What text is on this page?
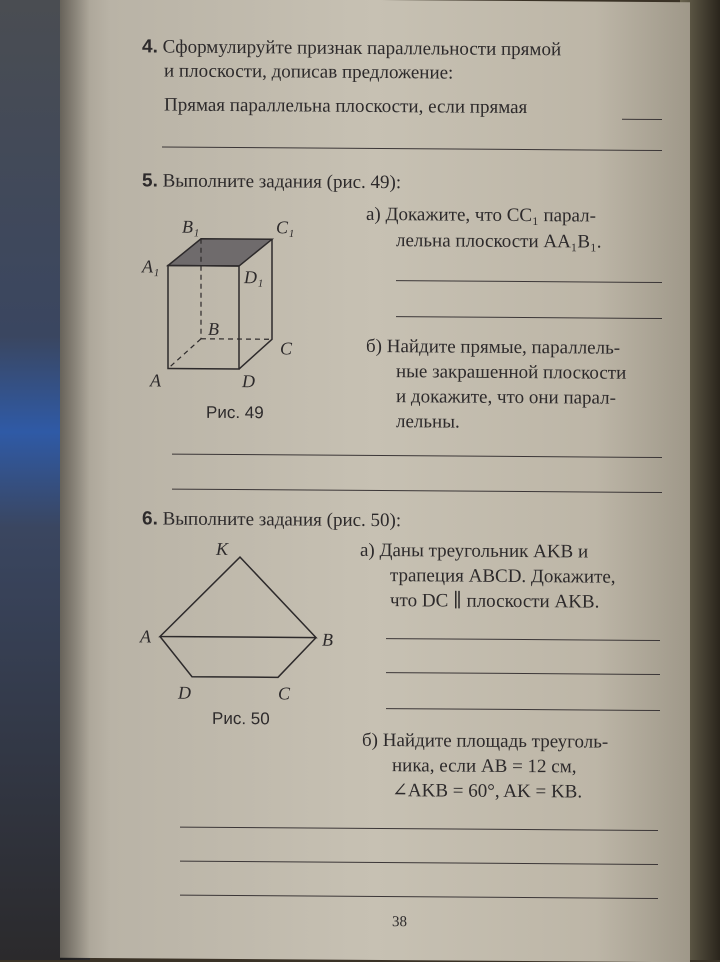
4. Сформулируйте признак параллельности прямой
и плоскости, дописав предложение:
Прямая параллельна плоскости, если прямая
5. Выполните задания (рис. 49):
B₁	C₁
A₁
D₁
B
C
A	D
Рис. 49
а) Докажите, что CC₁ парал-
лельна плоскости AA₁B₁.
б) Найдите прямые, параллель-
ные закрашенной плоскости
и докажите, что они парал-
лельны.
6. Выполните задания (рис. 50):
K
A	B
D	C
Рис. 50
а) Даны треугольник AKB и
трапеция ABCD. Докажите,
что DC ∥ плоскости AKB.
б) Найдите площадь треуголь-
ника, если AB = 12 см,
∠AKB = 60°, AK = KB.
38
